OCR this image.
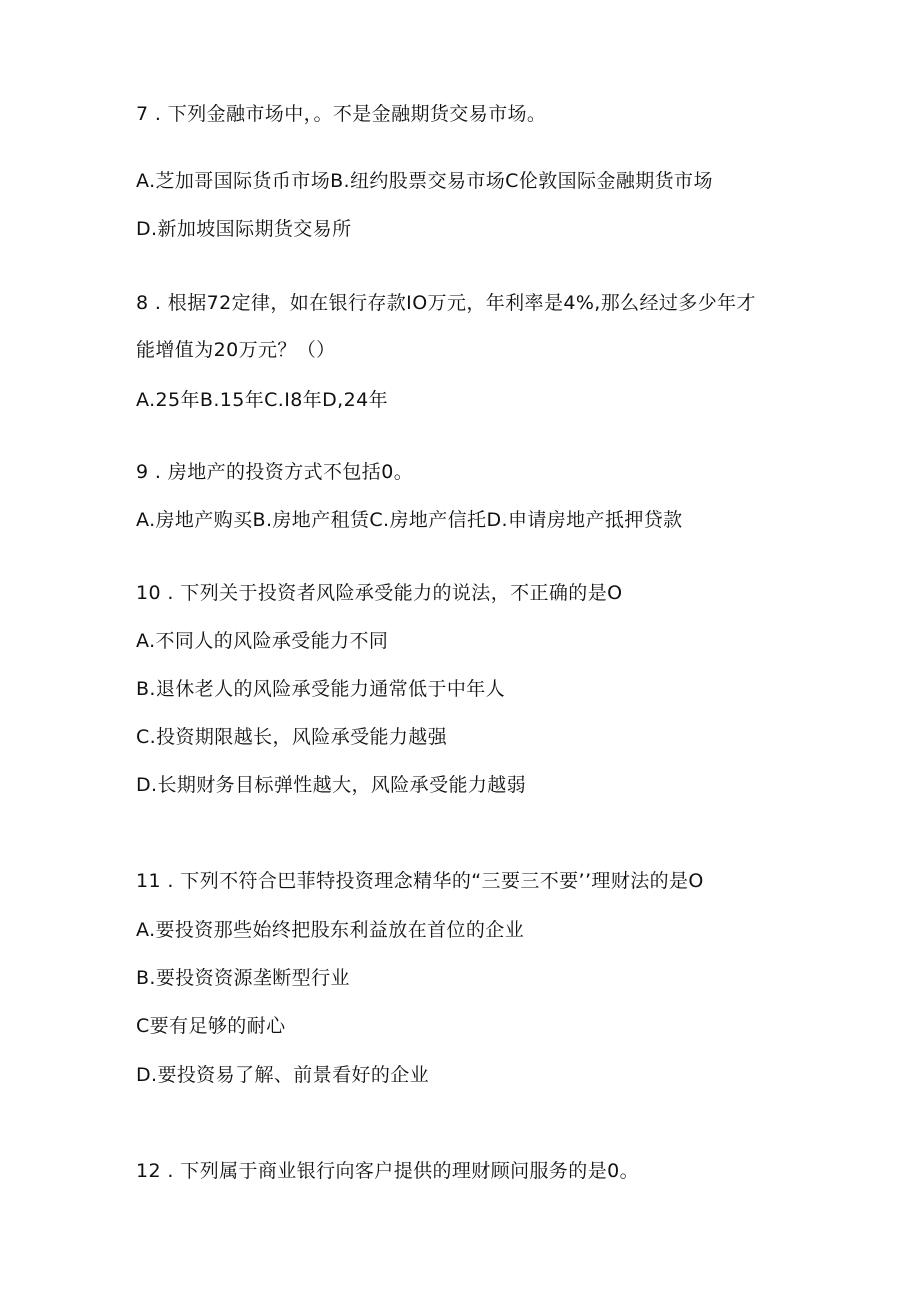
7 . 下列金融市场中，。不是金融期货交易市场。
A.芝加哥国际货币市场B.纽约股票交易市场C伦敦国际金融期货市场
D.新加坡国际期货交易所
8 . 根据72定律，如在银行存款IO万元，年利率是4%,那么经过多少年才
能增值为20万元？（）
A.25年B.15年C.I8年D,24年
9 . 房地产的投资方式不包括0。
A.房地产购买B.房地产租赁C.房地产信托D.申请房地产抵押贷款
10 . 下列关于投资者风险承受能力的说法，不正确的是O
A.不同人的风险承受能力不同
B.退休老人的风险承受能力通常低于中年人
C.投资期限越长，风险承受能力越强
D.长期财务目标弹性越大，风险承受能力越弱
11 . 下列不符合巴菲特投资理念精华的“三要三不要’’理财法的是O
A.要投资那些始终把股东利益放在首位的企业
B.要投资资源垄断型行业
C要有足够的耐心
D.要投资易了解、前景看好的企业
12 . 下列属于商业银行向客户提供的理财顾问服务的是0。
